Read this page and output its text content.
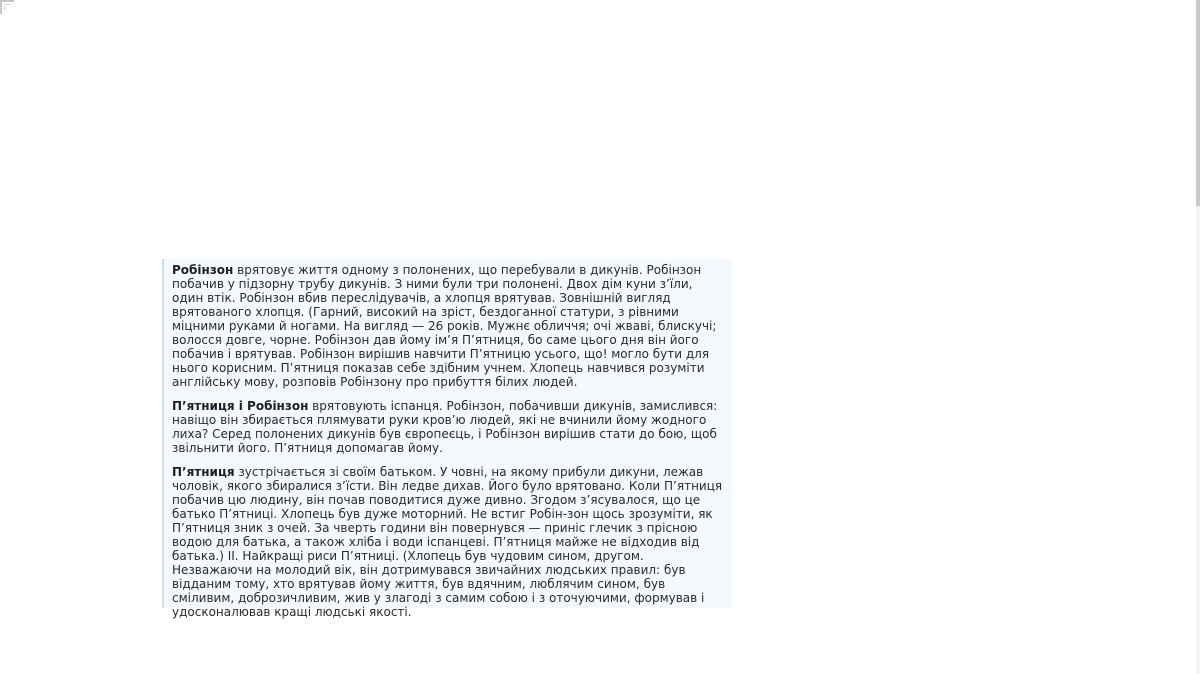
Робінзон врятовує життя одному з полонених, що перебували в дикунів. Робінзон побачив у підзорну трубу дикунів. З ними були три полонені. Двох дім куни з’їли, один втік. Робінзон вбив переслідувачів, а хлопця врятував. Зовнішній вигляд врятованого хлопця. (Гарний, високий на зріст, бездоганної статури, з рівними міцними руками й ногами. На вигляд — 26 років. Мужнє обличчя; очі жваві, блискучі; волосся довге, чорне. Робінзон дав йому ім’я П’ятниця, бо саме цього дня він його побачив і врятував. Робінзон вирішив навчити П’ятницю усього, що! могло бути для нього корисним. П’ятниця показав себе здібним учнем. Хлопець навчився розуміти англійську мову, розповів Робінзону про прибуття білих людей.

П’ятниця і Робінзон врятовують іспанця. Робінзон, побачивши дикунів, замислився: навіщо він збирається плямувати руки кров’ю людей, які не вчинили йому жодного лиха? Серед полонених дикунів був європеєць, і Робінзон вирішив стати до бою, щоб звільнити його. П’ятниця допомагав йому.

П’ятниця зустрічається зі своїм батьком. У човні, на якому прибули дикуни, лежав чоловік, якого збиралися з’їсти. Він ледве дихав. Його було врятовано. Коли П’ятниця побачив цю людину, він почав поводитися дуже дивно. Згодом з’ясувалося, що це батько П’ятниці. Хлопець був дуже моторний. Не встиг Робін-зон щось зрозуміти, як П’ятниця зник з очей. За чверть години він повернувся — приніс глечик з прісною водою для батька, а також хліба і води іспанцеві. П’ятниця майже не відходив від батька.) II. Найкращі риси П’ятниці. (Хлопець був чудовим сином, другом. Незважаючи на молодий вік, він дотримувався звичайних людських правил: був відданим тому, хто врятував йому життя, був вдячним, люблячим сином, був сміливим, доброзичливим, жив у злагоді з самим собою і з оточуючими, формував і удосконалював кращі людські якості.
